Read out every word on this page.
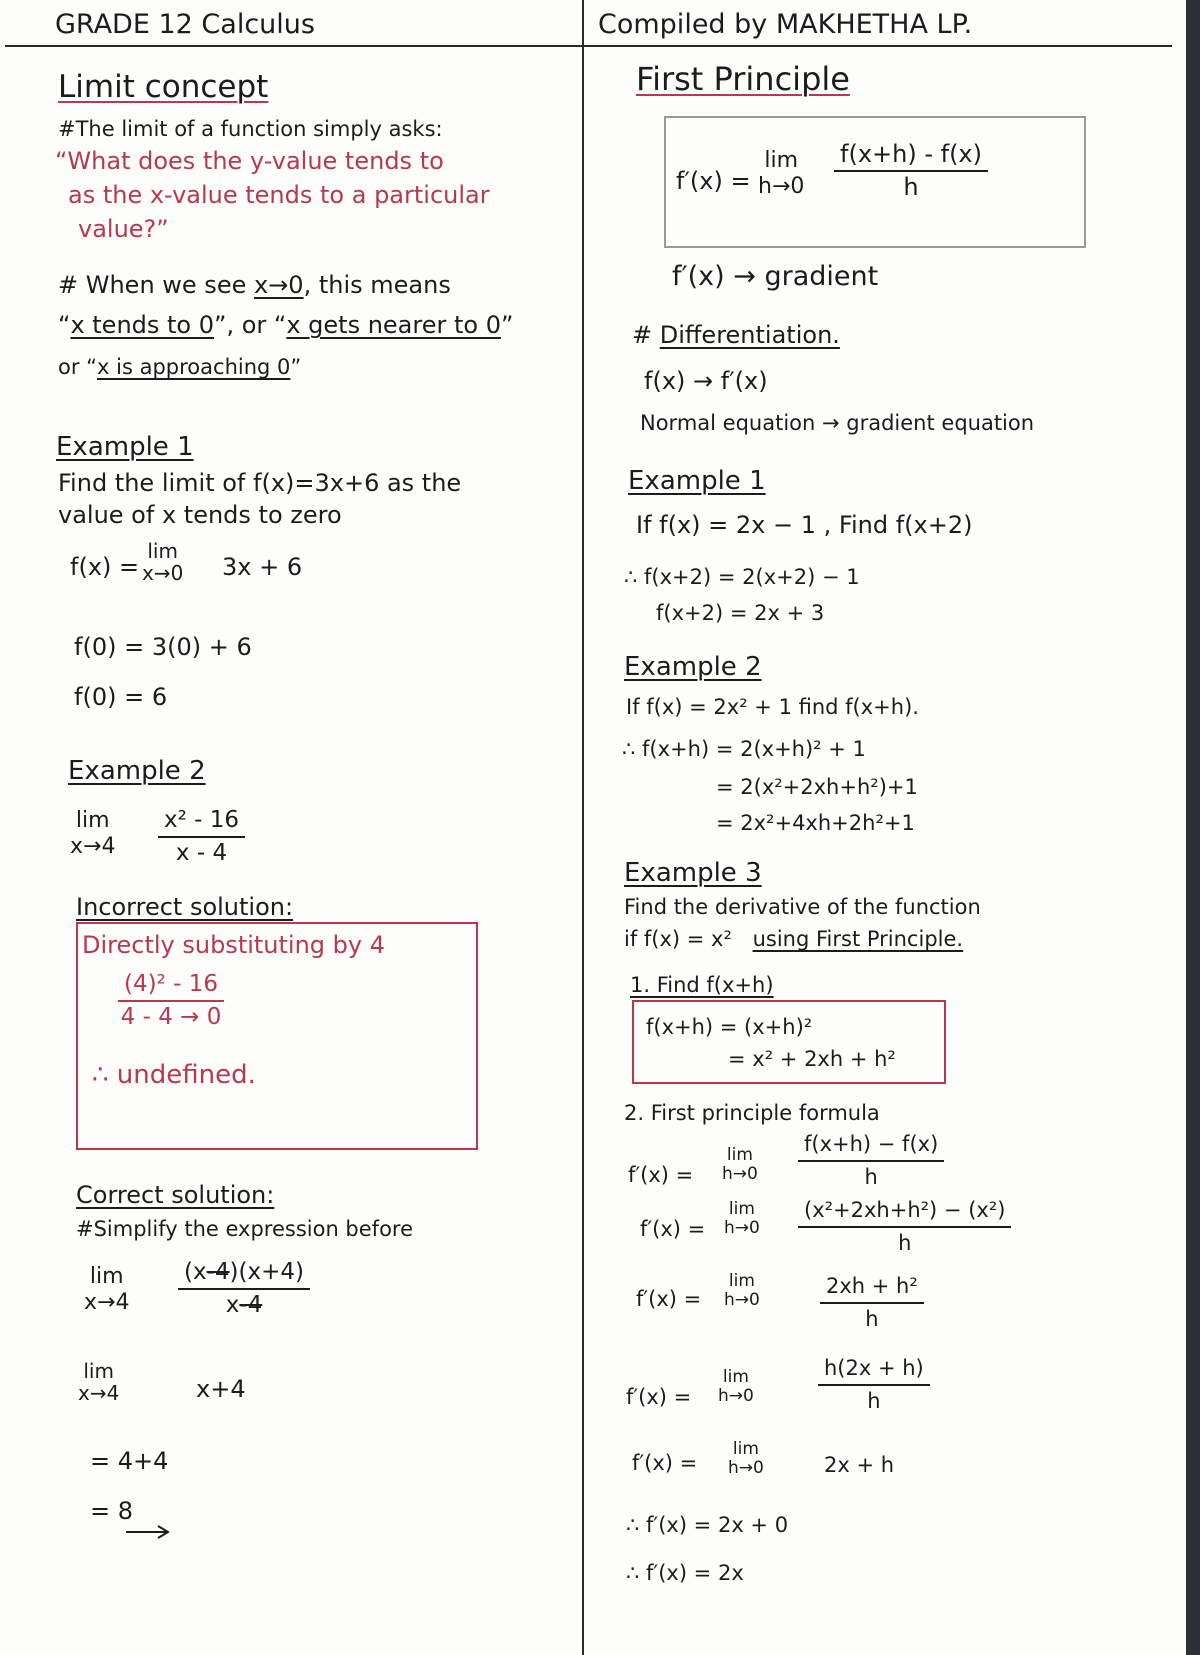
GRADE 12 Calculus	Compiled by MAKHETHA LP.
Limit concept
#The limit of a function simply asks:
“What does the y-value tends to
as the x-value tends to a particular
value?”
# When we see x→0, this means
“x tends to 0”, or “x gets nearer to 0”
or “x is approaching 0”
Example 1
Find the limit of f(x)=3x+6 as the
value of x tends to zero
f(x) =
lim
x→0 3x + 6
f(0) = 3(0) + 6
f(0) = 6
Example 2
lim
$x\to 4 \frac{\text{x² - 16}}{x - 4}$
Incorrect solution:
Directly substituting by 4
$\frac{\text{(4)² - 16}}{4 - 4 \to 0}$
∴ undefined.
Correct solution:
#Simplify the expression before
lim
$x\to 4 \frac{(x-4)(x+4)}{x-4}$
lim
x→4	x+4
= 4+4
= 8
First Principle
f′(x) =
lim
$h\to 0 \frac{f(x+h) - f(x)}{h}$
f′(x) → gradient
# Differentiation.
f(x) → f′(x)
Normal equation → gradient equation
Example 1
If f(x) = 2x − 1 , Find f(x+2)
∴ f(x+2) = 2(x+2) − 1
f(x+2) = 2x + 3
Example 2
If f(x) = 2x² + 1 find f(x+h).
∴ f(x+h) = 2(x+h)² + 1
= 2(x²+2xh+h²)+1
= 2x²+4xh+2h²+1
Example 3
Find the derivative of the function
if f(x) = x² using First Principle.
1. Find f(x+h)
f(x+h) = (x+h)²
= x² + 2xh + h²
2. First principle formula
f′(x) =
lim
$h\to 0 \frac{f(x+h) - f(x)}{h}$
f′(x) =
lim
$h\to 0 \frac{\text{(x²+2xh+h²) − (x²)}}{h}$
f′(x) =
lim
h→0	$\frac{\text{2xh + h²}}{h}$
f′(x) =
lim
h→0	$\frac{h(2x + h)}{h}$
f′(x) =
lim
h→0	2x + h
∴ f′(x) = 2x + 0
∴ f′(x) = 2x
